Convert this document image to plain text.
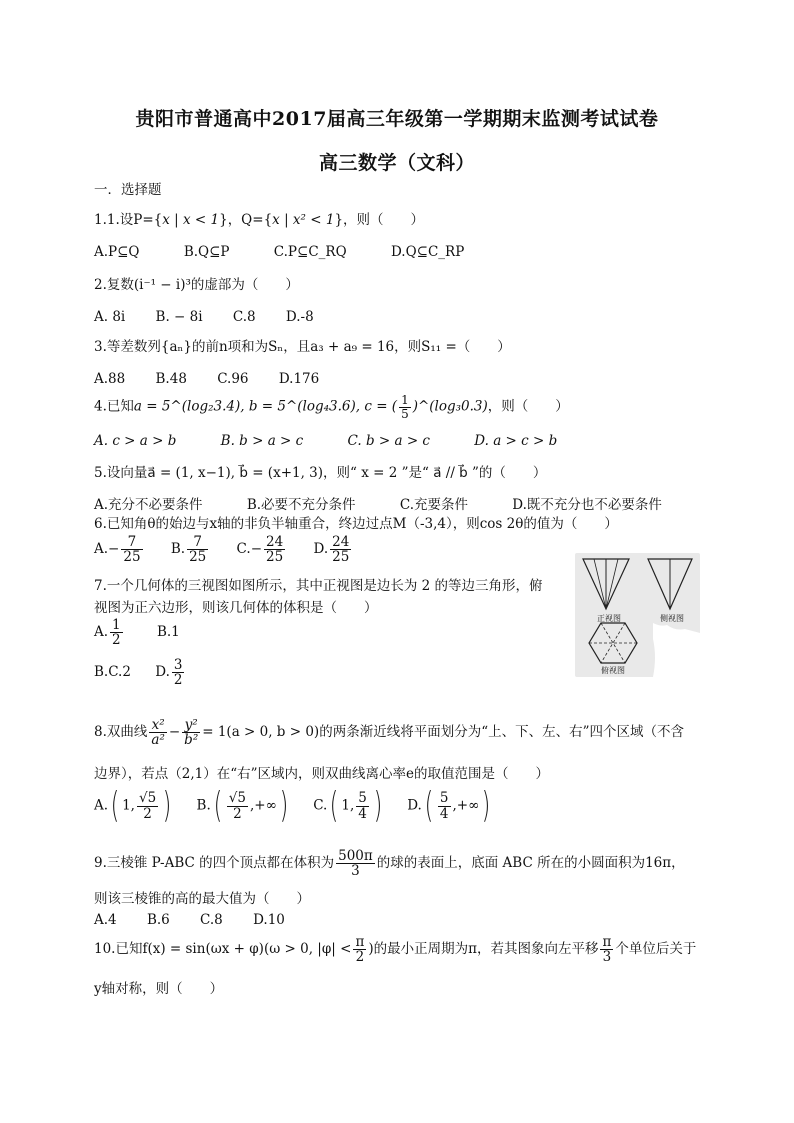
贵阳市普通高中2017届高三年级第一学期期末监测考试试卷
高三数学（文科）
一．选择题
1.1.设P={x | x < 1}，Q={x | x² < 1}，则（　　）
A.P⊆Q	B.Q⊆P	C.P⊆C_RQ	D.Q⊆C_RP
2.复数(i⁻¹ − i)³的虚部为（　　）
A. 8i B. − 8i C.8 D.-8
3.等差数列{aₙ}的前n项和为Sₙ，且a₃ + a₉ = 16，则S₁₁ =（　　）
A.88 B.48 C.96 D.176
4.已知a = 5^(log₂3.4), b = 5^(log₄3.6), c = ( $\frac{1}{5}$ )^(log₃0.3)，则（　　）
A. c > a > b	B. b > a > c	C. b > a > c	D. a > c > b
5.设向量a⃗ = (1, x−1), b⃗ = (x+1, 3)，则“ x = 2 ”是“ a⃗ // b⃗ ”的（　　）
A.充分不必要条件	B.必要不充分条件	C.充要条件	D.既不充分也不必要条件
6.已知角θ的始边与x轴的非负半轴重合，终边过点M（-3,4），则cos 2θ的值为（　　）
$A.- \frac{7}{25} B$. $\frac{7}{25} C.- \frac{24}{25} D$. $\frac{24}{25}$
7.一个几何体的三视图如图所示，其中正视图是边长为 2 的等边三角形，俯
视图为正六边形，则该几何体的体积是（　　）
A. $\frac{1}{2}$	B.1
B.C.2 D. $\frac{3}{2}$
正视图	侧视图
俯视图
8.双曲线 $\frac{\text{x²}}{\text{a²}} - \frac{\text{y²}}{\text{b²}} = 1(a > 0$, b > 0)的两条渐近线将平面划分为“上、下、左、右”四个区域（不含
边界），若点（2,1）在“右”区域内，则双曲线离心率e的取值范围是（　　）
A.( 1, $\frac{√5}{2}$ ) $B.( \frac{√5}{2}$ ,+∞) C.( 1, $\frac{5}{4}$ ) $D.( \frac{5}{4}$ ,+∞)
9.三棱锥 P-ABC 的四个顶点都在体积为 $\frac{500\pi}{3}$ 的球的表面上，底面 ABC 所在的小圆面积为16π，
则该三棱锥的高的最大值为（　　）
A.4 B.6 C.8 D.10
10.已知f(x) = sin(ωx + φ)(ω > 0, $|\varphi| < \frac{\pi}{2}$ )的最小正周期为π，若其图象向左平移 $\frac{\pi}{3}$ 个单位后关于
y轴对称，则（　　）
